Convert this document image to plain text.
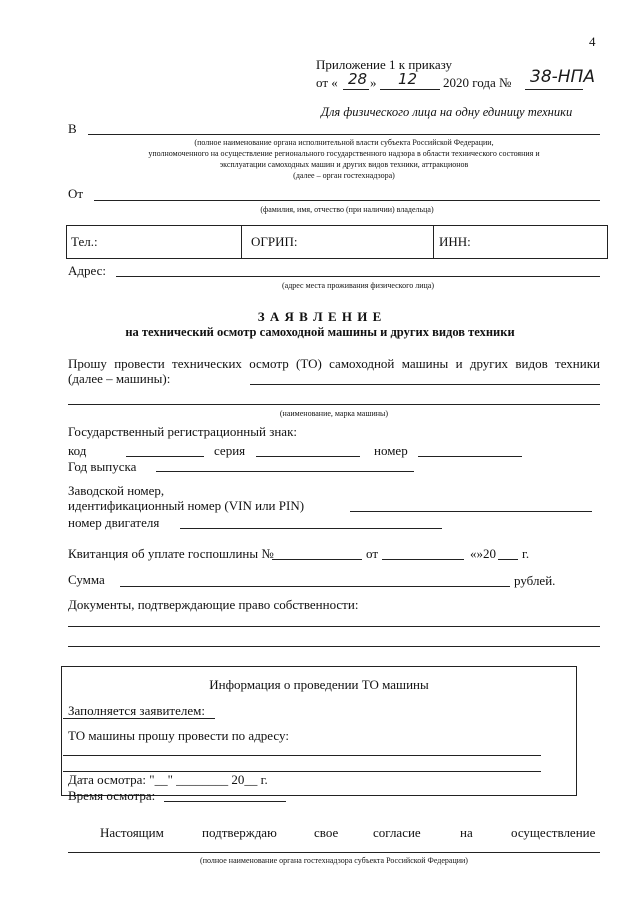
4
Приложение 1 к приказу
от « 28 » 12 2020 года № 38-НПА
Для физического лица на одну единицу техники
В
(полное наименование органа исполнительной власти субъекта Российской Федерации,
уполномоченного на осуществление регионального государственного надзора в области технического состояния и
эксплуатации самоходных машин и других видов техники, аттракционов
(далее – орган гостехнадзора)
От
(фамилия, имя, отчество (при наличии) владельца)
Тел.:	ОГРИП:	ИНН:
Адрес:
(адрес места проживания физического лица)
З А Я В Л Е Н И Е
на технический осмотр самоходной машины и других видов техники
Прошу провести технических осмотр (ТО) самоходной машины и других видов техники
(далее – машины):
(наименование, марка машины)
Государственный регистрационный знак:
код	серия	номер
Год выпуска
Заводской номер,
идентификационный номер (VIN или PIN)
номер двигателя
Квитанция об уплате госпошлины №	от	«»20 г.
Сумма	рублей.
Документы, подтверждающие право собственности:
Информация о проведении ТО машины
Заполняется заявителем:
ТО машины прошу провести по адресу:
Дата осмотра: "__" ________ 20__ г.
Время осмотра:
Настоящим	подтверждаю	свое	согласие	на	осуществление
(полное наименование органа гостехнадзора субъекта Российской Федерации)
